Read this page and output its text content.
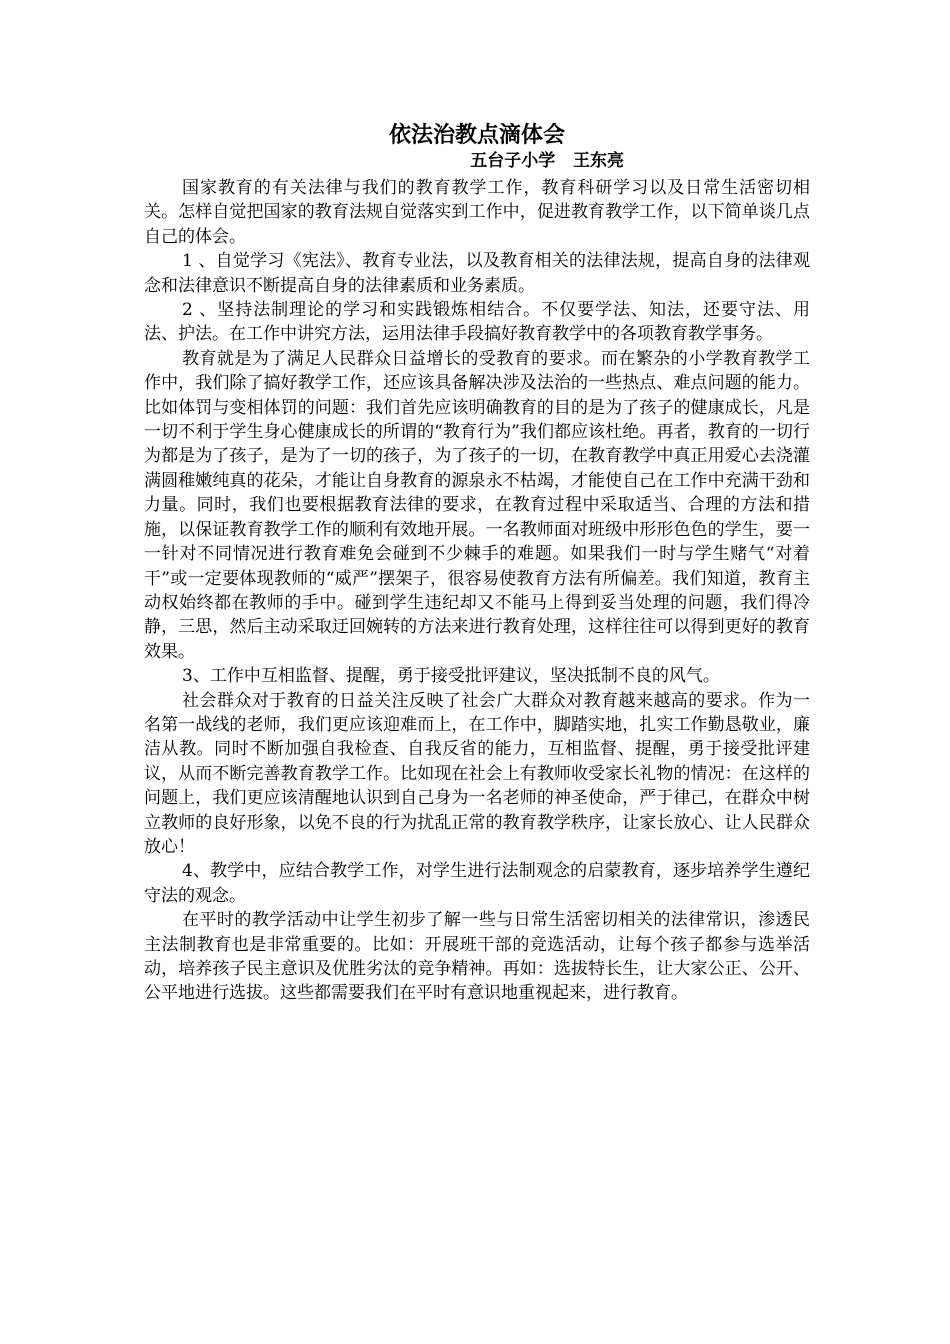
依法治教点滴体会
五台子小学   王东亮

国家教育的有关法律与我们的教育教学工作，教育科研学习以及日常生活密切相关。怎样自觉把国家的教育法规自觉落实到工作中，促进教育教学工作，以下简单谈几点自己的体会。

1 、自觉学习《宪法》、教育专业法，以及教育相关的法律法规，提高自身的法律观念和法律意识不断提高自身的法律素质和业务素质。

2 、坚持法制理论的学习和实践锻炼相结合。不仅要学法、知法，还要守法、用法、护法。在工作中讲究方法，运用法律手段搞好教育教学中的各项教育教学事务。

教育就是为了满足人民群众日益增长的受教育的要求。而在繁杂的小学教育教学工作中，我们除了搞好教学工作，还应该具备解决涉及法治的一些热点、难点问题的能力。比如体罚与变相体罚的问题：我们首先应该明确教育的目的是为了孩子的健康成长，凡是一切不利于学生身心健康成长的所谓的“教育行为”我们都应该杜绝。再者，教育的一切行为都是为了孩子，是为了一切的孩子，为了孩子的一切，在教育教学中真正用爱心去浇灌满圆稚嫩纯真的花朵，才能让自身教育的源泉永不枯竭，才能使自己在工作中充满干劲和力量。同时，我们也要根据教育法律的要求，在教育过程中采取适当、合理的方法和措施，以保证教育教学工作的顺利有效地开展。一名教师面对班级中形形色色的学生，要一一针对不同情况进行教育难免会碰到不少棘手的难题。如果我们一时与学生赌气“对着干”或一定要体现教师的“威严”摆架子，很容易使教育方法有所偏差。我们知道，教育主动权始终都在教师的手中。碰到学生违纪却又不能马上得到妥当处理的问题，我们得冷静，三思，然后主动采取迂回婉转的方法来进行教育处理，这样往往可以得到更好的教育效果。

3、工作中互相监督、提醒，勇于接受批评建议，坚决抵制不良的风气。

社会群众对于教育的日益关注反映了社会广大群众对教育越来越高的要求。作为一名第一战线的老师，我们更应该迎难而上，在工作中，脚踏实地，扎实工作勤恳敬业，廉洁从教。同时不断加强自我检查、自我反省的能力，互相监督、提醒，勇于接受批评建议，从而不断完善教育教学工作。比如现在社会上有教师收受家长礼物的情况：在这样的问题上，我们更应该清醒地认识到自己身为一名老师的神圣使命，严于律己，在群众中树立教师的良好形象，以免不良的行为扰乱正常的教育教学秩序，让家长放心、让人民群众放心！

4、教学中，应结合教学工作，对学生进行法制观念的启蒙教育，逐步培养学生遵纪守法的观念。

在平时的教学活动中让学生初步了解一些与日常生活密切相关的法律常识，渗透民主法制教育也是非常重要的。比如：开展班干部的竞选活动，让每个孩子都参与选举活动，培养孩子民主意识及优胜劣汰的竞争精神。再如：选拔特长生，让大家公正、公开、公平地进行选拔。这些都需要我们在平时有意识地重视起来，进行教育。
